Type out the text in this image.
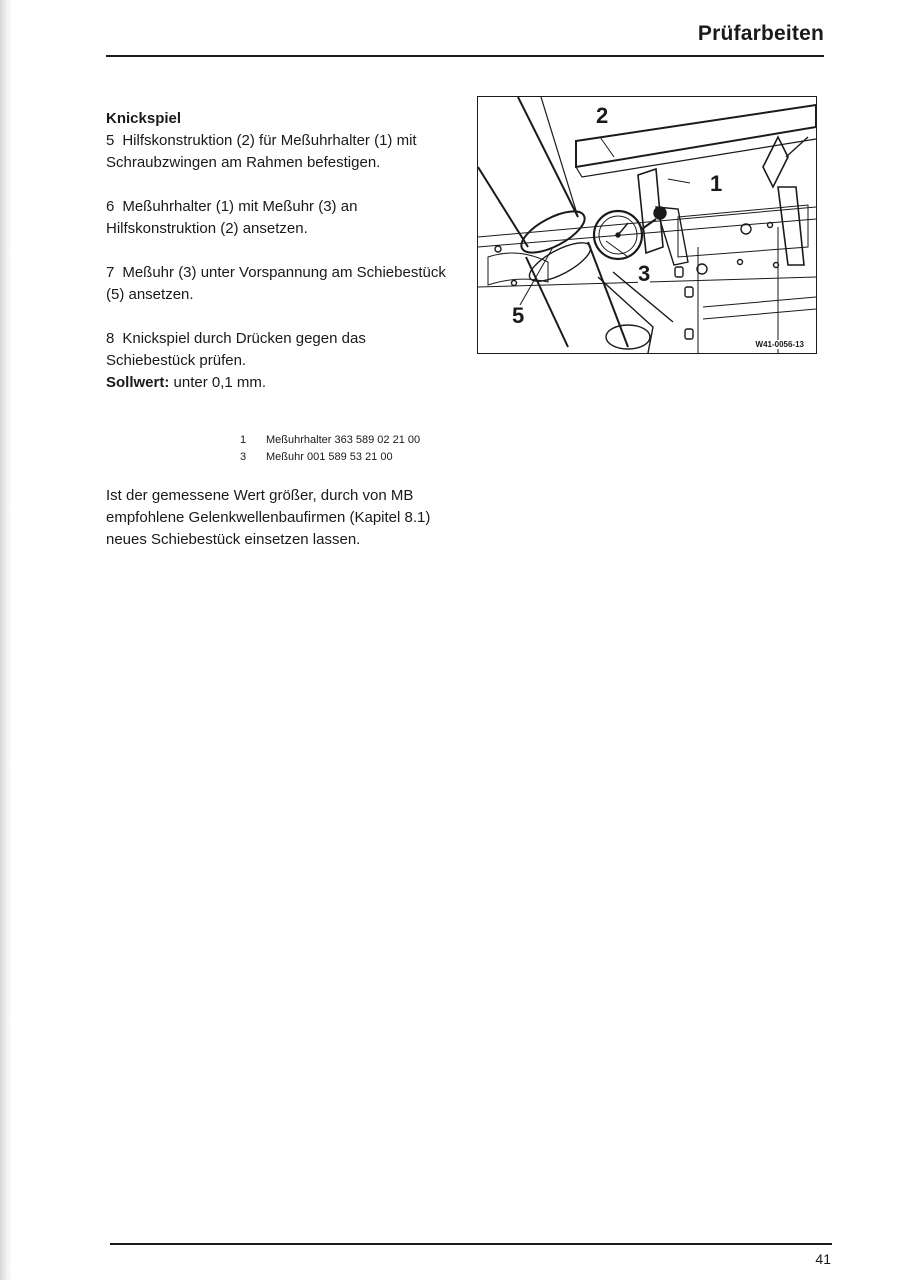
Prüfarbeiten

Knickspiel

5 Hilfskonstruktion (2) für Meßuhrhalter (1) mit Schraubzwingen am Rahmen befestigen.

6 Meßuhrhalter (1) mit Meßuhr (3) an Hilfskonstruktion (2) ansetzen.

7 Meßuhr (3) unter Vorspannung am Schiebestück (5) ansetzen.

8 Knickspiel durch Drücken gegen das Schiebestück prüfen.

Sollwert: unter 0,1 mm.

2
1
3
5
W41-0056-13
1	Meßuhrhalter 363 589 02 21 00
3	Meßuhr 001 589 53 21 00

Ist der gemessene Wert größer, durch von MB empfohlene Gelenkwellenbaufirmen (Kapitel 8.1) neues Schiebestück einsetzen lassen.

41
